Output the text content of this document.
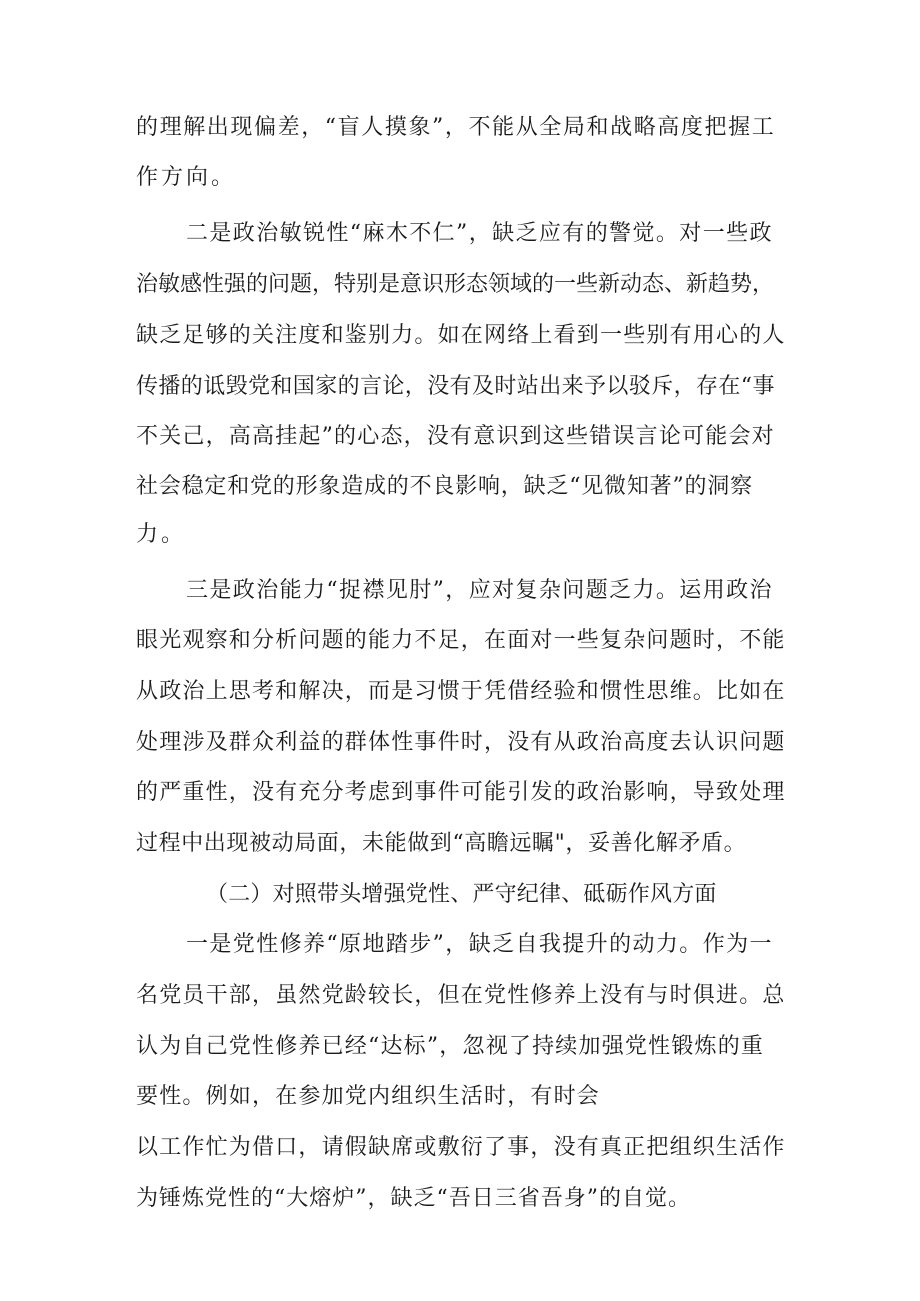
的理解出现偏差，“盲人摸象”，不能从全局和战略高度把握工
作方向。
二是政治敏锐性“麻木不仁”，缺乏应有的警觉。对一些政
治敏感性强的问题，特别是意识形态领域的一些新动态、新趋势，
缺乏足够的关注度和鉴别力。如在网络上看到一些别有用心的人
传播的诋毁党和国家的言论，没有及时站出来予以驳斥，存在“事
不关己，高高挂起”的心态，没有意识到这些错误言论可能会对
社会稳定和党的形象造成的不良影响，缺乏“见微知著”的洞察
力。
三是政治能力“捉襟见肘”，应对复杂问题乏力。运用政治
眼光观察和分析问题的能力不足，在面对一些复杂问题时，不能
从政治上思考和解决，而是习惯于凭借经验和惯性思维。比如在
处理涉及群众利益的群体性事件时，没有从政治高度去认识问题
的严重性，没有充分考虑到事件可能引发的政治影响，导致处理
过程中出现被动局面，未能做到“高瞻远瞩"，妥善化解矛盾。
（二）对照带头增强党性、严守纪律、砥砺作风方面
一是党性修养“原地踏步”，缺乏自我提升的动力。作为一
名党员干部，虽然党龄较长，但在党性修养上没有与时俱进。总
认为自己党性修养已经“达标”，忽视了持续加强党性锻炼的重
要性。例如，在参加党内组织生活时，有时会
以工作忙为借口，请假缺席或敷衍了事，没有真正把组织生活作
为锤炼党性的“大熔炉”，缺乏“吾日三省吾身”的自觉。
